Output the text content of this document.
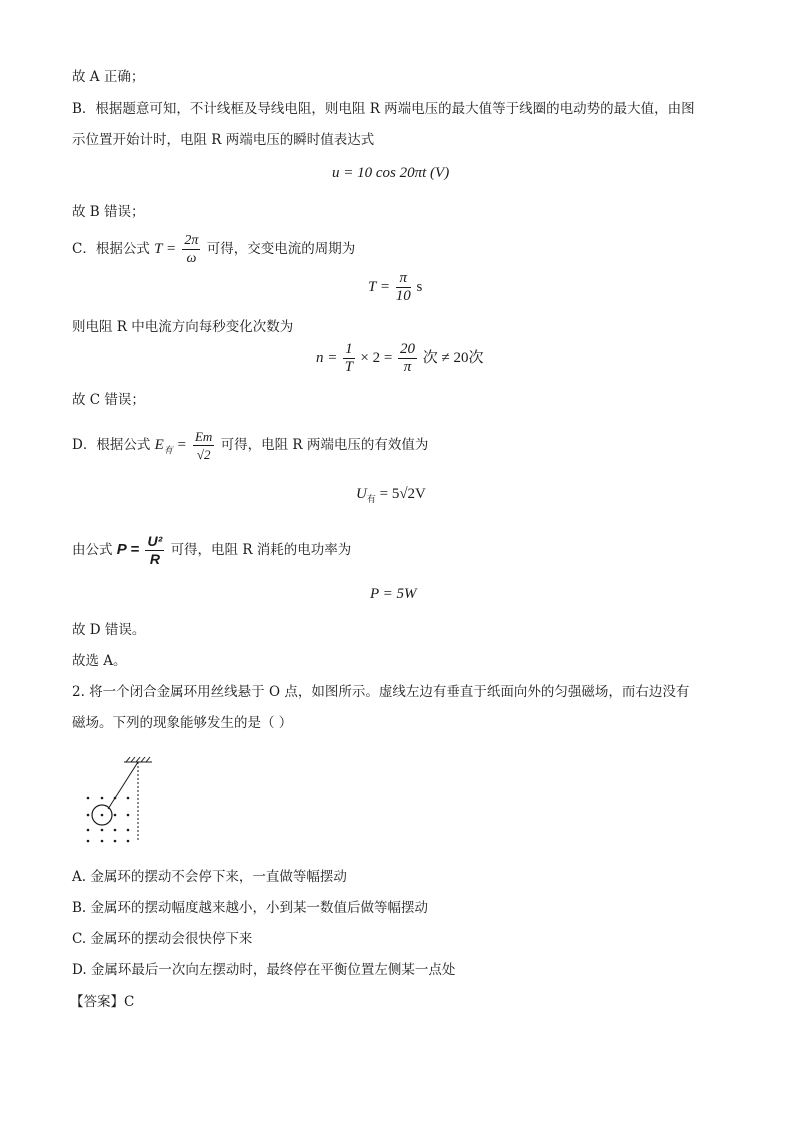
故 A 正确；
B．根据题意可知，不计线框及导线电阻，则电阻 R 两端电压的最大值等于线圈的电动势的最大值，由图
示位置开始计时，电阻 R 两端电压的瞬时值表达式
u = 10 cos 20πt (V)
故 B 错误；
C．根据公式 $T = \frac{2\pi}{\omega}$ 可得，交变电流的周期为
$T = \frac{\pi}{10}$ s
则电阻 R 中电流方向每秒变化次数为
$n = \frac{1}{T} \times 2 = \frac{20}{\pi}$ 次 ≠ 20次
故 C 错误；
D．根据公式 $E_有 = \frac{Em}{√2}$ 可得，电阻 R 两端电压的有效值为
$U_有 = 5√2V$
由公式 $P = \frac{\text{U²}}{R}$ 可得，电阻 R 消耗的电功率为
P = 5W
故 D 错误。
故选 A。
2. 将一个闭合金属环用丝线悬于 O 点，如图所示。虚线左边有垂直于纸面向外的匀强磁场，而右边没有
磁场。下列的现象能够发生的是（ ）
A. 金属环的摆动不会停下来，一直做等幅摆动
B. 金属环的摆动幅度越来越小，小到某一数值后做等幅摆动
C. 金属环的摆动会很快停下来
D. 金属环最后一次向左摆动时，最终停在平衡位置左侧某一点处
【答案】C
